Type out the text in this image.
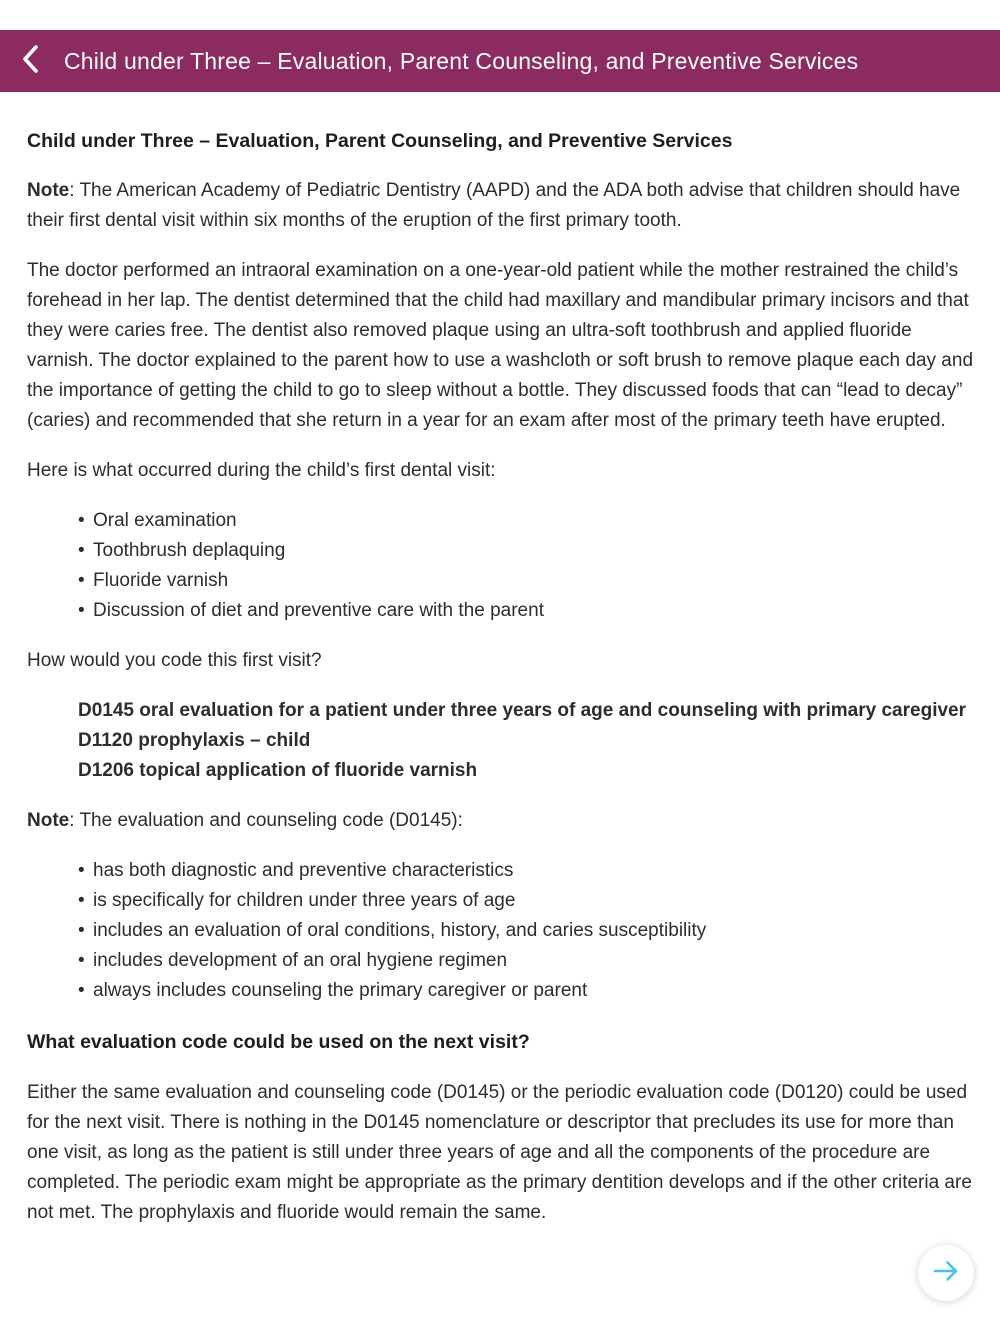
Child under Three – Evaluation, Parent Counseling, and Preventive Services
Child under Three – Evaluation, Parent Counseling, and Preventive Services

Note: The American Academy of Pediatric Dentistry (AAPD) and the ADA both advise that children should have their first dental visit within six months of the eruption of the first primary tooth.

The doctor performed an intraoral examination on a one-year-old patient while the mother restrained the child’s forehead in her lap. The dentist determined that the child had maxillary and mandibular primary incisors and that they were caries free. The dentist also removed plaque using an ultra-soft toothbrush and applied fluoride varnish. The doctor explained to the parent how to use a washcloth or soft brush to remove plaque each day and the importance of getting the child to go to sleep without a bottle. They discussed foods that can “lead to decay” (caries) and recommended that she return in a year for an exam after most of the primary teeth have erupted.

Here is what occurred during the child’s first dental visit:

• Oral examination
• Toothbrush deplaquing
• Fluoride varnish
• Discussion of diet and preventive care with the parent

How would you code this first visit?

D0145 oral evaluation for a patient under three years of age and counseling with primary caregiver
D1120 prophylaxis – child
D1206 topical application of fluoride varnish

Note: The evaluation and counseling code (D0145):

• has both diagnostic and preventive characteristics
• is specifically for children under three years of age
• includes an evaluation of oral conditions, history, and caries susceptibility
• includes development of an oral hygiene regimen
• always includes counseling the primary caregiver or parent
What evaluation code could be used on the next visit?

Either the same evaluation and counseling code (D0145) or the periodic evaluation code (D0120) could be used for the next visit. There is nothing in the D0145 nomenclature or descriptor that precludes its use for more than one visit, as long as the patient is still under three years of age and all the components of the procedure are completed. The periodic exam might be appropriate as the primary dentition develops and if the other criteria are not met. The prophylaxis and fluoride would remain the same.
